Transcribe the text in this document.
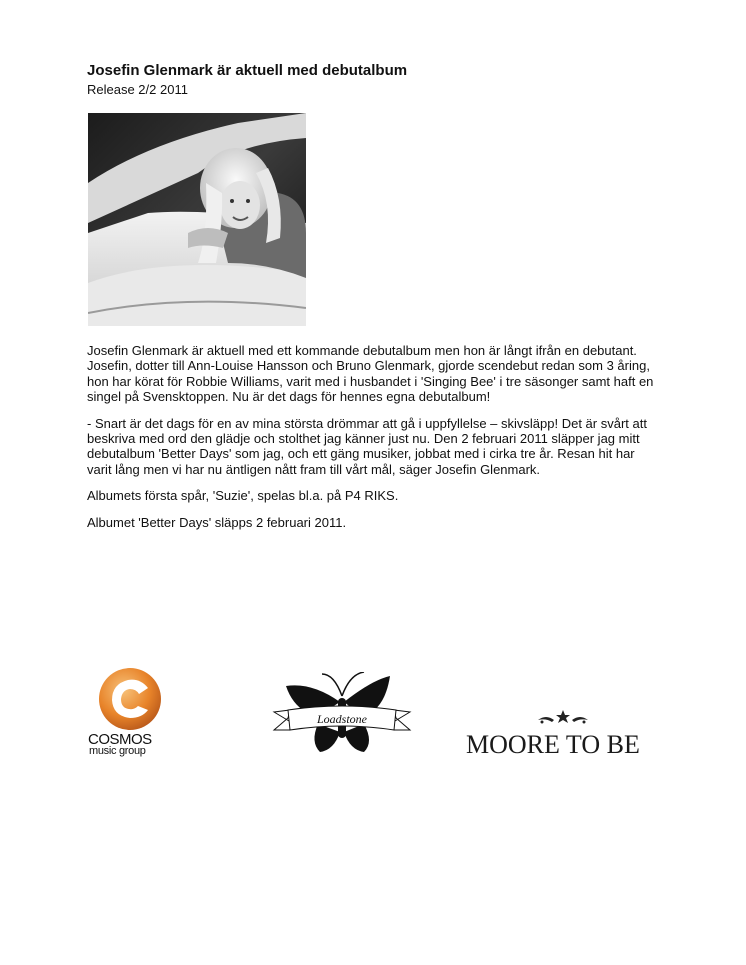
Josefin Glenmark är aktuell med debutalbum
Release 2/2 2011

Josefin Glenmark är aktuell med ett kommande debutalbum men hon är långt ifrån en debutant. Josefin, dotter till Ann-Louise Hansson och Bruno Glenmark, gjorde scendebut redan som 3 åring, hon har körat för Robbie Williams, varit med i husbandet i 'Singing Bee' i tre säsonger samt haft en singel på Svensktoppen. Nu är det dags för hennes egna debutalbum!

- Snart är det dags för en av mina största drömmar att gå i uppfyllelse – skivsläpp! Det är svårt att beskriva med ord den glädje och stolthet jag känner just nu. Den 2 februari 2011 släpper jag mitt debutalbum 'Better Days' som jag, och ett gäng musiker, jobbat med i cirka tre år. Resan hit har varit lång men vi har nu äntligen nått fram till vårt mål, säger Josefin Glenmark.

Albumets första spår, 'Suzie', spelas bl.a. på P4 RIKS.

Albumet 'Better Days' släpps 2 februari 2011.

COSMOS
music group
Loadstone
MOORE TO BE
